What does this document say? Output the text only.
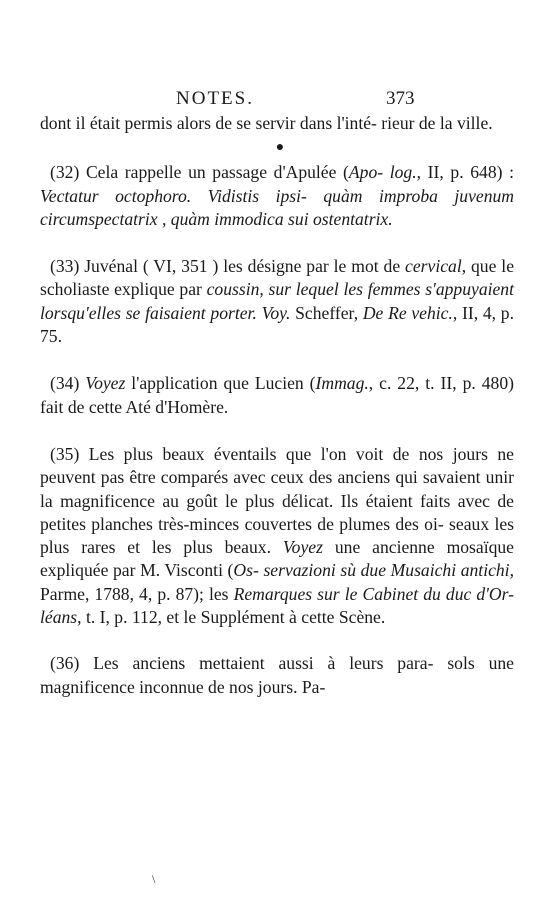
NOTES.	373

dont il était permis alors de se servir dans l'inté- rieur de la ville.

●

(32) Cela rappelle un passage d'Apulée (Apo- log., II, p. 648) : Vectatur octophoro. Vidistis ipsi- quàm improba juvenum circumspectatrix , quàm immodica sui ostentatrix.

(33) Juvénal ( VI, 351 ) les désigne par le mot de cervical, que le scholiaste explique par coussin, sur lequel les femmes s'appuyaient lorsqu'elles se faisaient porter. Voy. Scheffer, De Re vehic., II, 4, p. 75.

(34) Voyez l'application que Lucien (Immag., c. 22, t. II, p. 480) fait de cette Até d'Homère.

(35) Les plus beaux éventails que l'on voit de nos jours ne peuvent pas être comparés avec ceux des anciens qui savaient unir la magnificence au goût le plus délicat. Ils étaient faits avec de petites planches très-minces couvertes de plumes des oi- seaux les plus rares et les plus beaux. Voyez une ancienne mosaïque expliquée par M. Visconti (Os- servazioni sù due Musaichi antichi, Parme, 1788, 4, p. 87); les Remarques sur le Cabinet du duc d'Or- léans, t. I, p. 112, et le Supplément à cette Scène.

(36) Les anciens mettaient aussi à leurs para- sols une magnificence inconnue de nos jours. Pa-

\
